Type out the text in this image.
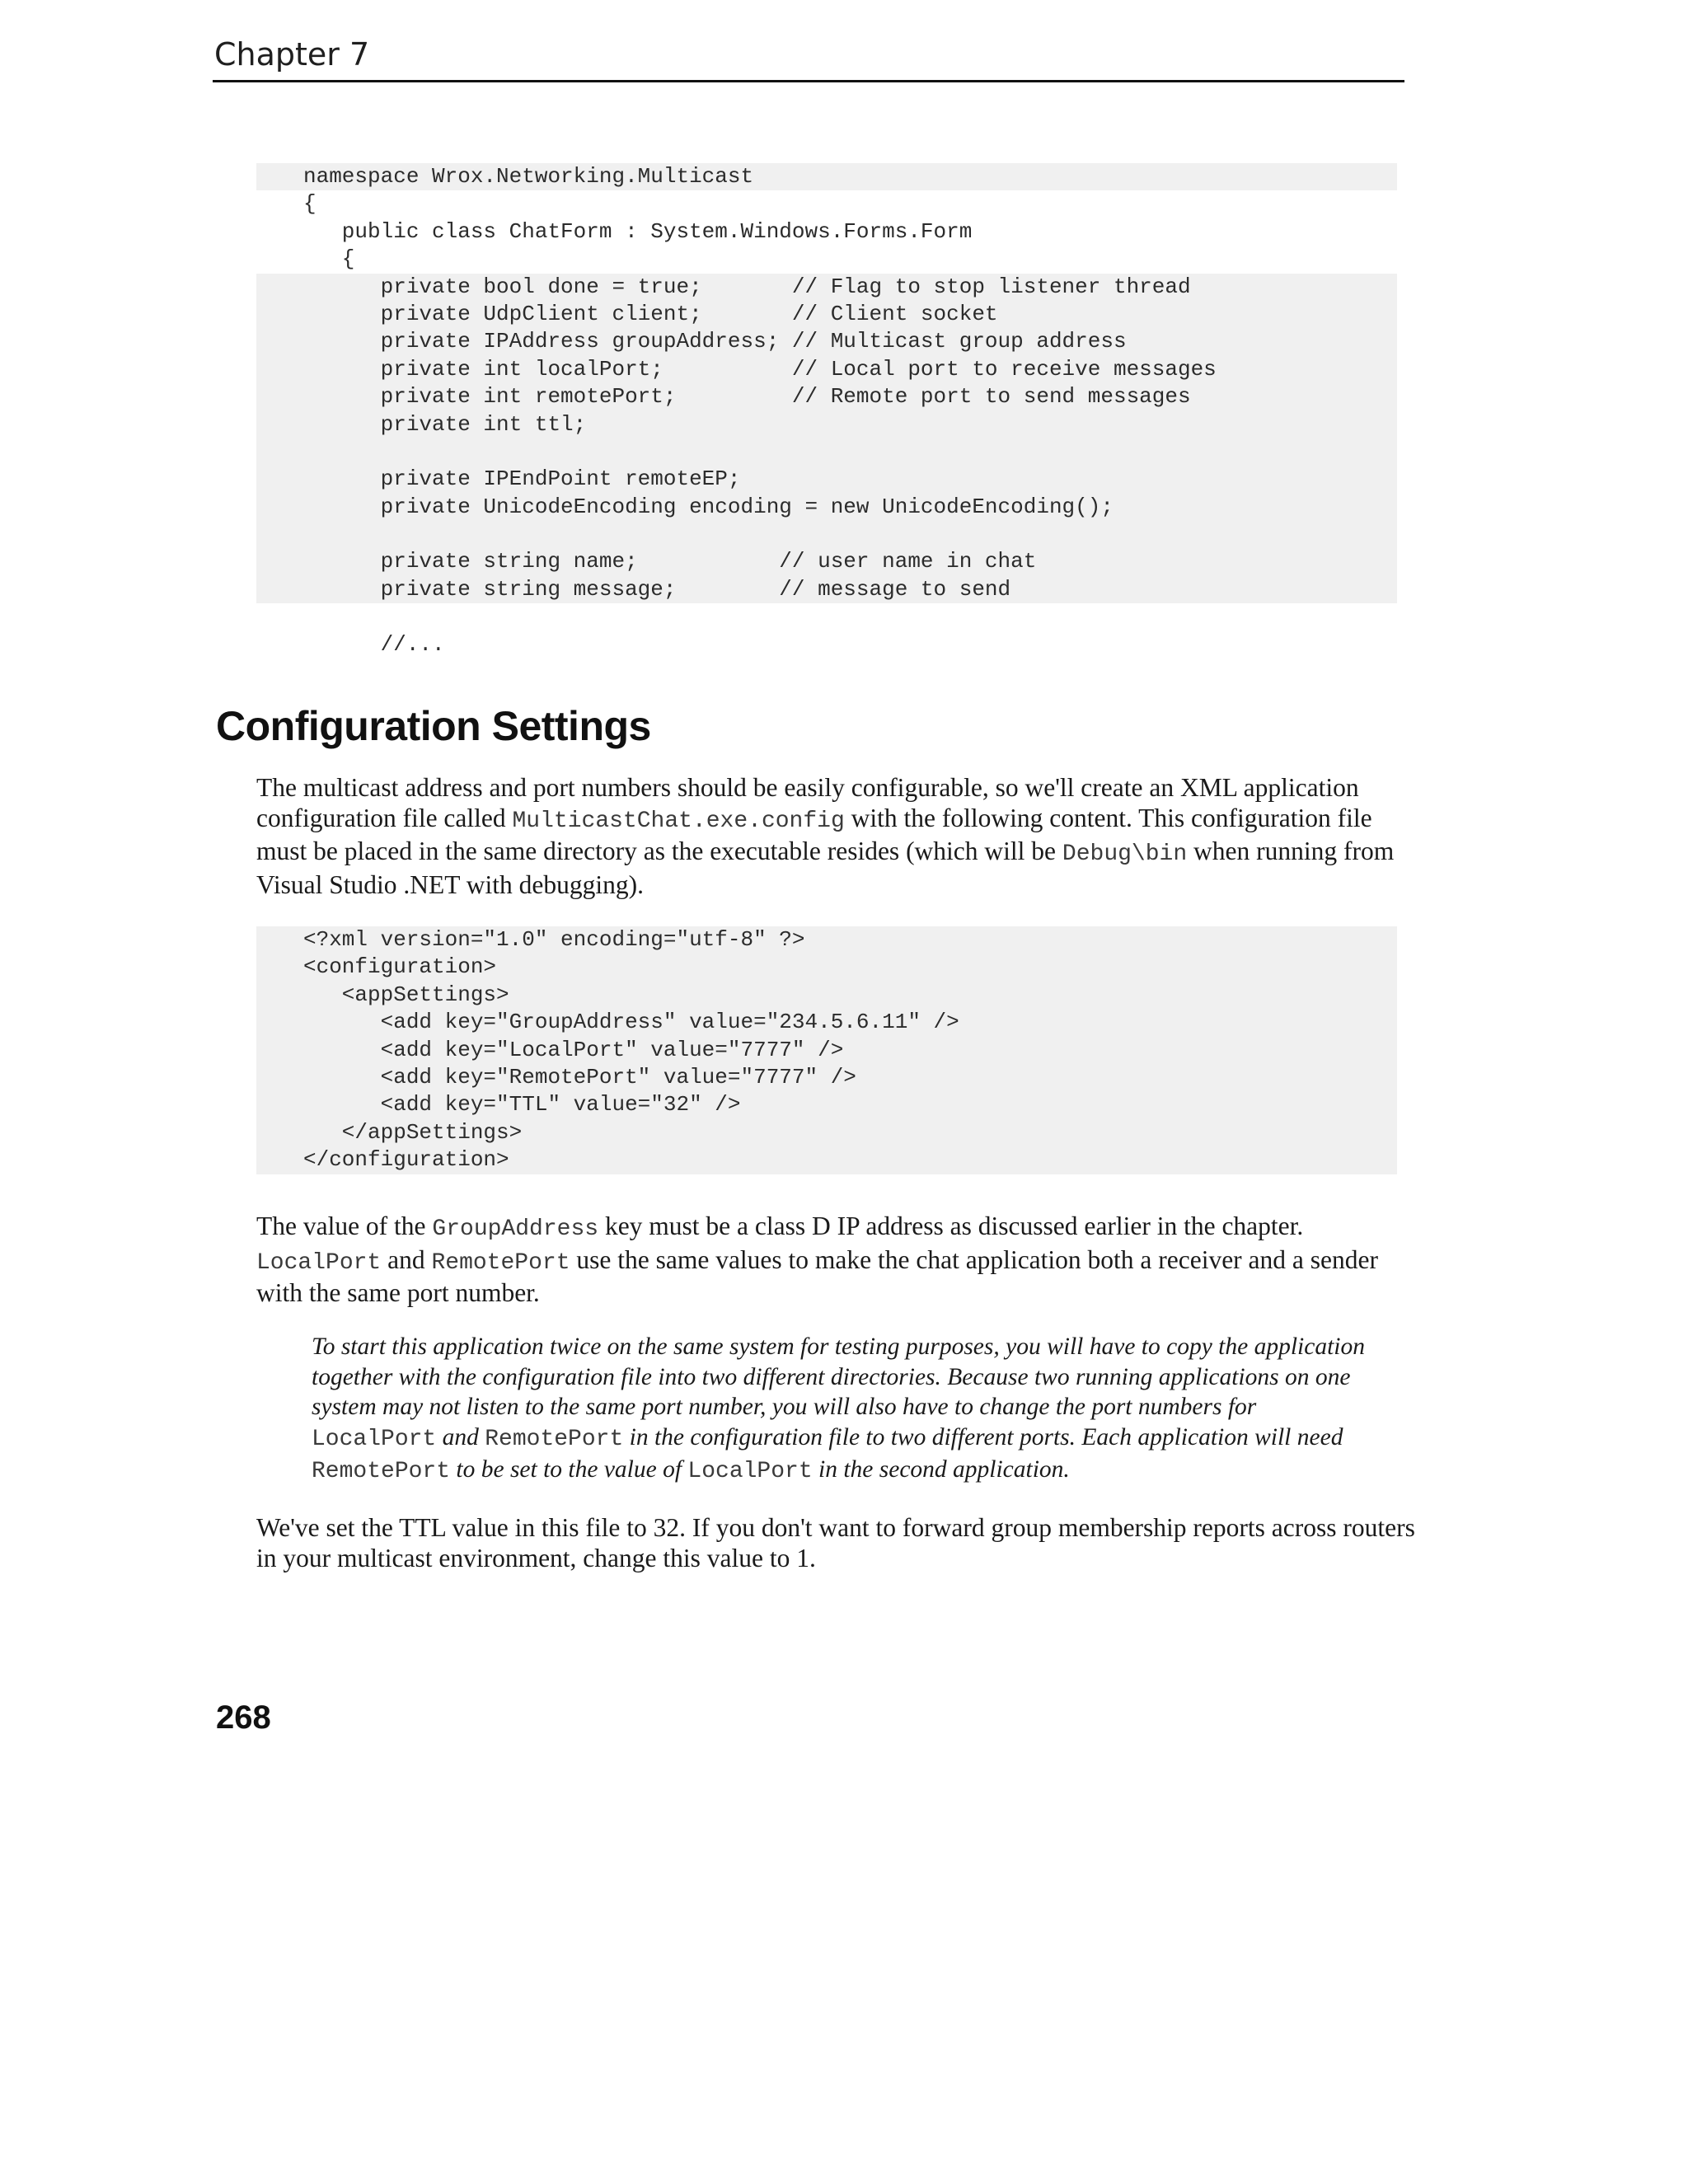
Chapter 7
namespace Wrox.Networking.Multicast
{
public class ChatForm : System.Windows.Forms.Form
{
private bool done = true;       // Flag to stop listener thread
private UdpClient client;       // Client socket
private IPAddress groupAddress; // Multicast group address
private int localPort;          // Local port to receive messages
private int remotePort;         // Remote port to send messages
private int ttl;
private IPEndPoint remoteEP;
private UnicodeEncoding encoding = new UnicodeEncoding();
private string name;           // user name in chat
private string message;        // message to send
//...
Configuration Settings
The multicast address and port numbers should be easily configurable, so we'll create an XML application configuration file called MulticastChat.exe.config with the following content. This configuration file must be placed in the same directory as the executable resides (which will be Debug\bin when running from Visual Studio .NET with debugging).
<?xml version="1.0" encoding="utf-8" ?>
<configuration>
<appSettings>
<add key="GroupAddress" value="234.5.6.11" />
<add key="LocalPort" value="7777" />
<add key="RemotePort" value="7777" />
<add key="TTL" value="32" />
</appSettings>
</configuration>
The value of the GroupAddress key must be a class D IP address as discussed earlier in the chapter. LocalPort and RemotePort use the same values to make the chat application both a receiver and a sender with the same port number.
To start this application twice on the same system for testing purposes, you will have to copy the application together with the configuration file into two different directories. Because two running applications on one system may not listen to the same port number, you will also have to change the port numbers for LocalPort and RemotePort in the configuration file to two different ports. Each application will need RemotePort to be set to the value of LocalPort in the second application.
We've set the TTL value in this file to 32. If you don't want to forward group membership reports across routers in your multicast environment, change this value to 1.
268
